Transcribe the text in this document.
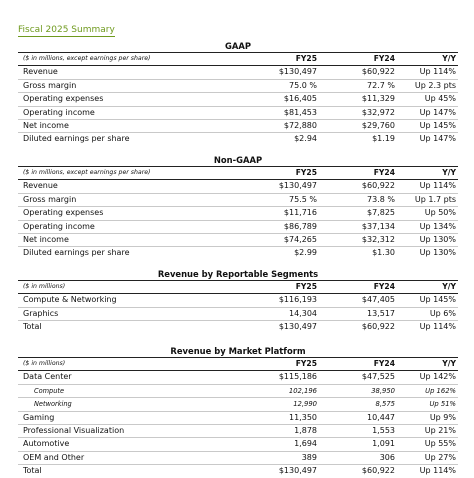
Fiscal 2025 Summary
GAAP
($ in millions, except earnings per share)	FY25	FY24	Y/Y
Revenue	$130,497	$60,922	Up 114%
Gross margin	75.0 %	72.7 %	Up 2.3 pts
Operating expenses	$16,405	$11,329	Up 45%
Operating income	$81,453	$32,972	Up 147%
Net income	$72,880	$29,760	Up 145%
Diluted earnings per share	$2.94	$1.19	Up 147%
Non-GAAP
($ in millions, except earnings per share)	FY25	FY24	Y/Y
Revenue	$130,497	$60,922	Up 114%
Gross margin	75.5 %	73.8 %	Up 1.7 pts
Operating expenses	$11,716	$7,825	Up 50%
Operating income	$86,789	$37,134	Up 134%
Net income	$74,265	$32,312	Up 130%
Diluted earnings per share	$2.99	$1.30	Up 130%
Revenue by Reportable Segments
($ in millions)	FY25	FY24	Y/Y
Compute & Networking	$116,193	$47,405	Up 145%
Graphics	14,304	13,517	Up 6%
Total	$130,497	$60,922	Up 114%
Revenue by Market Platform
($ in millions)	FY25	FY24	Y/Y
Data Center	$115,186	$47,525	Up 142%
Compute	102,196	38,950	Up 162%
Networking	12,990	8,575	Up 51%
Gaming	11,350	10,447	Up 9%
Professional Visualization	1,878	1,553	Up 21%
Automotive	1,694	1,091	Up 55%
OEM and Other	389	306	Up 27%
Total	$130,497	$60,922	Up 114%
